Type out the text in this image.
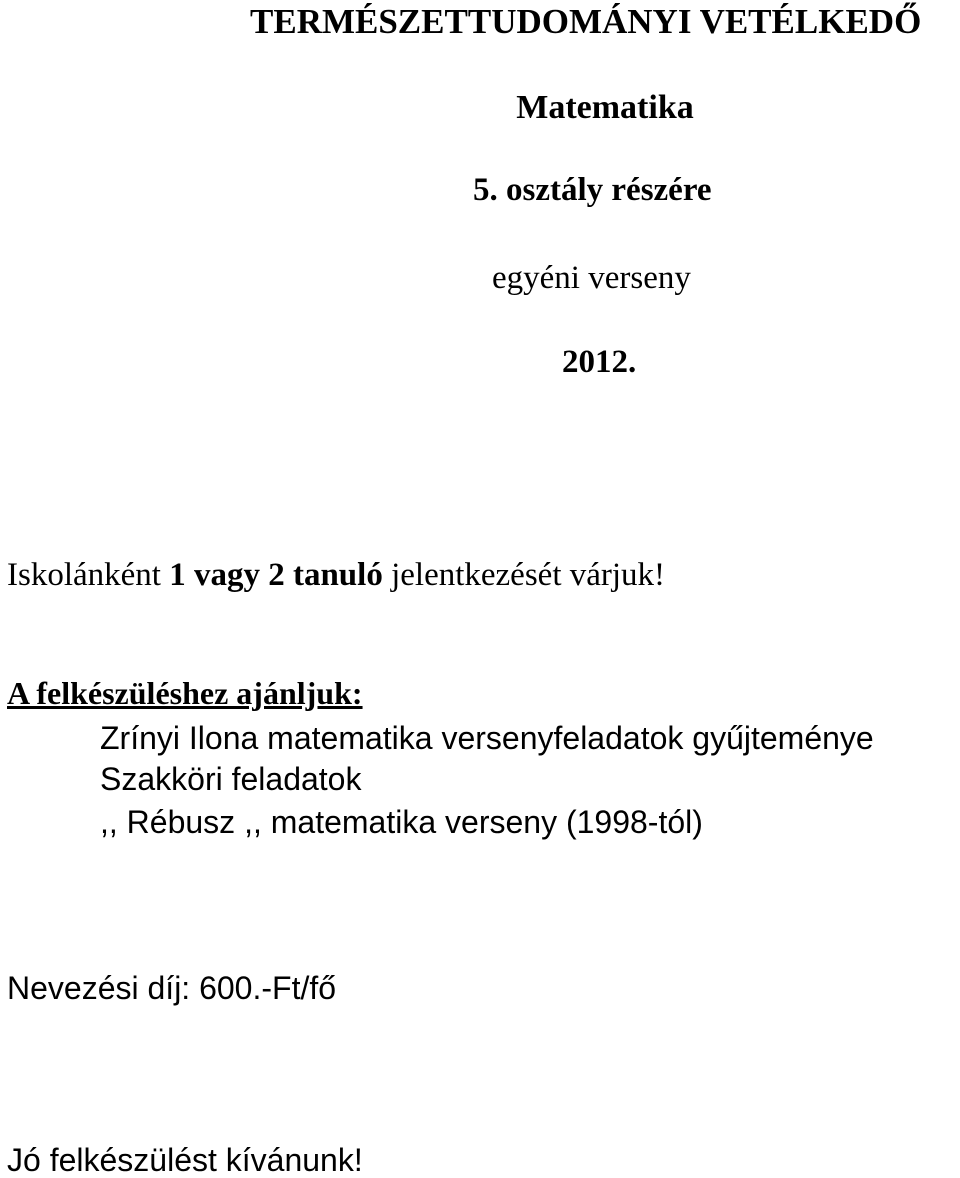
TERMÉSZETTUDOMÁNYI VETÉLKEDŐ
Matematika
5. osztály részére
egyéni verseny
2012.

Iskolánként 1 vagy 2 tanuló jelentkezését várjuk!

A felkészüléshez ajánljuk:
Zrínyi Ilona matematika versenyfeladatok gyűjteménye
Szakköri feladatok
,, Rébusz ,, matematika verseny (1998-tól)
Nevezési díj: 600.-Ft/fő
Jó felkészülést kívánunk!
